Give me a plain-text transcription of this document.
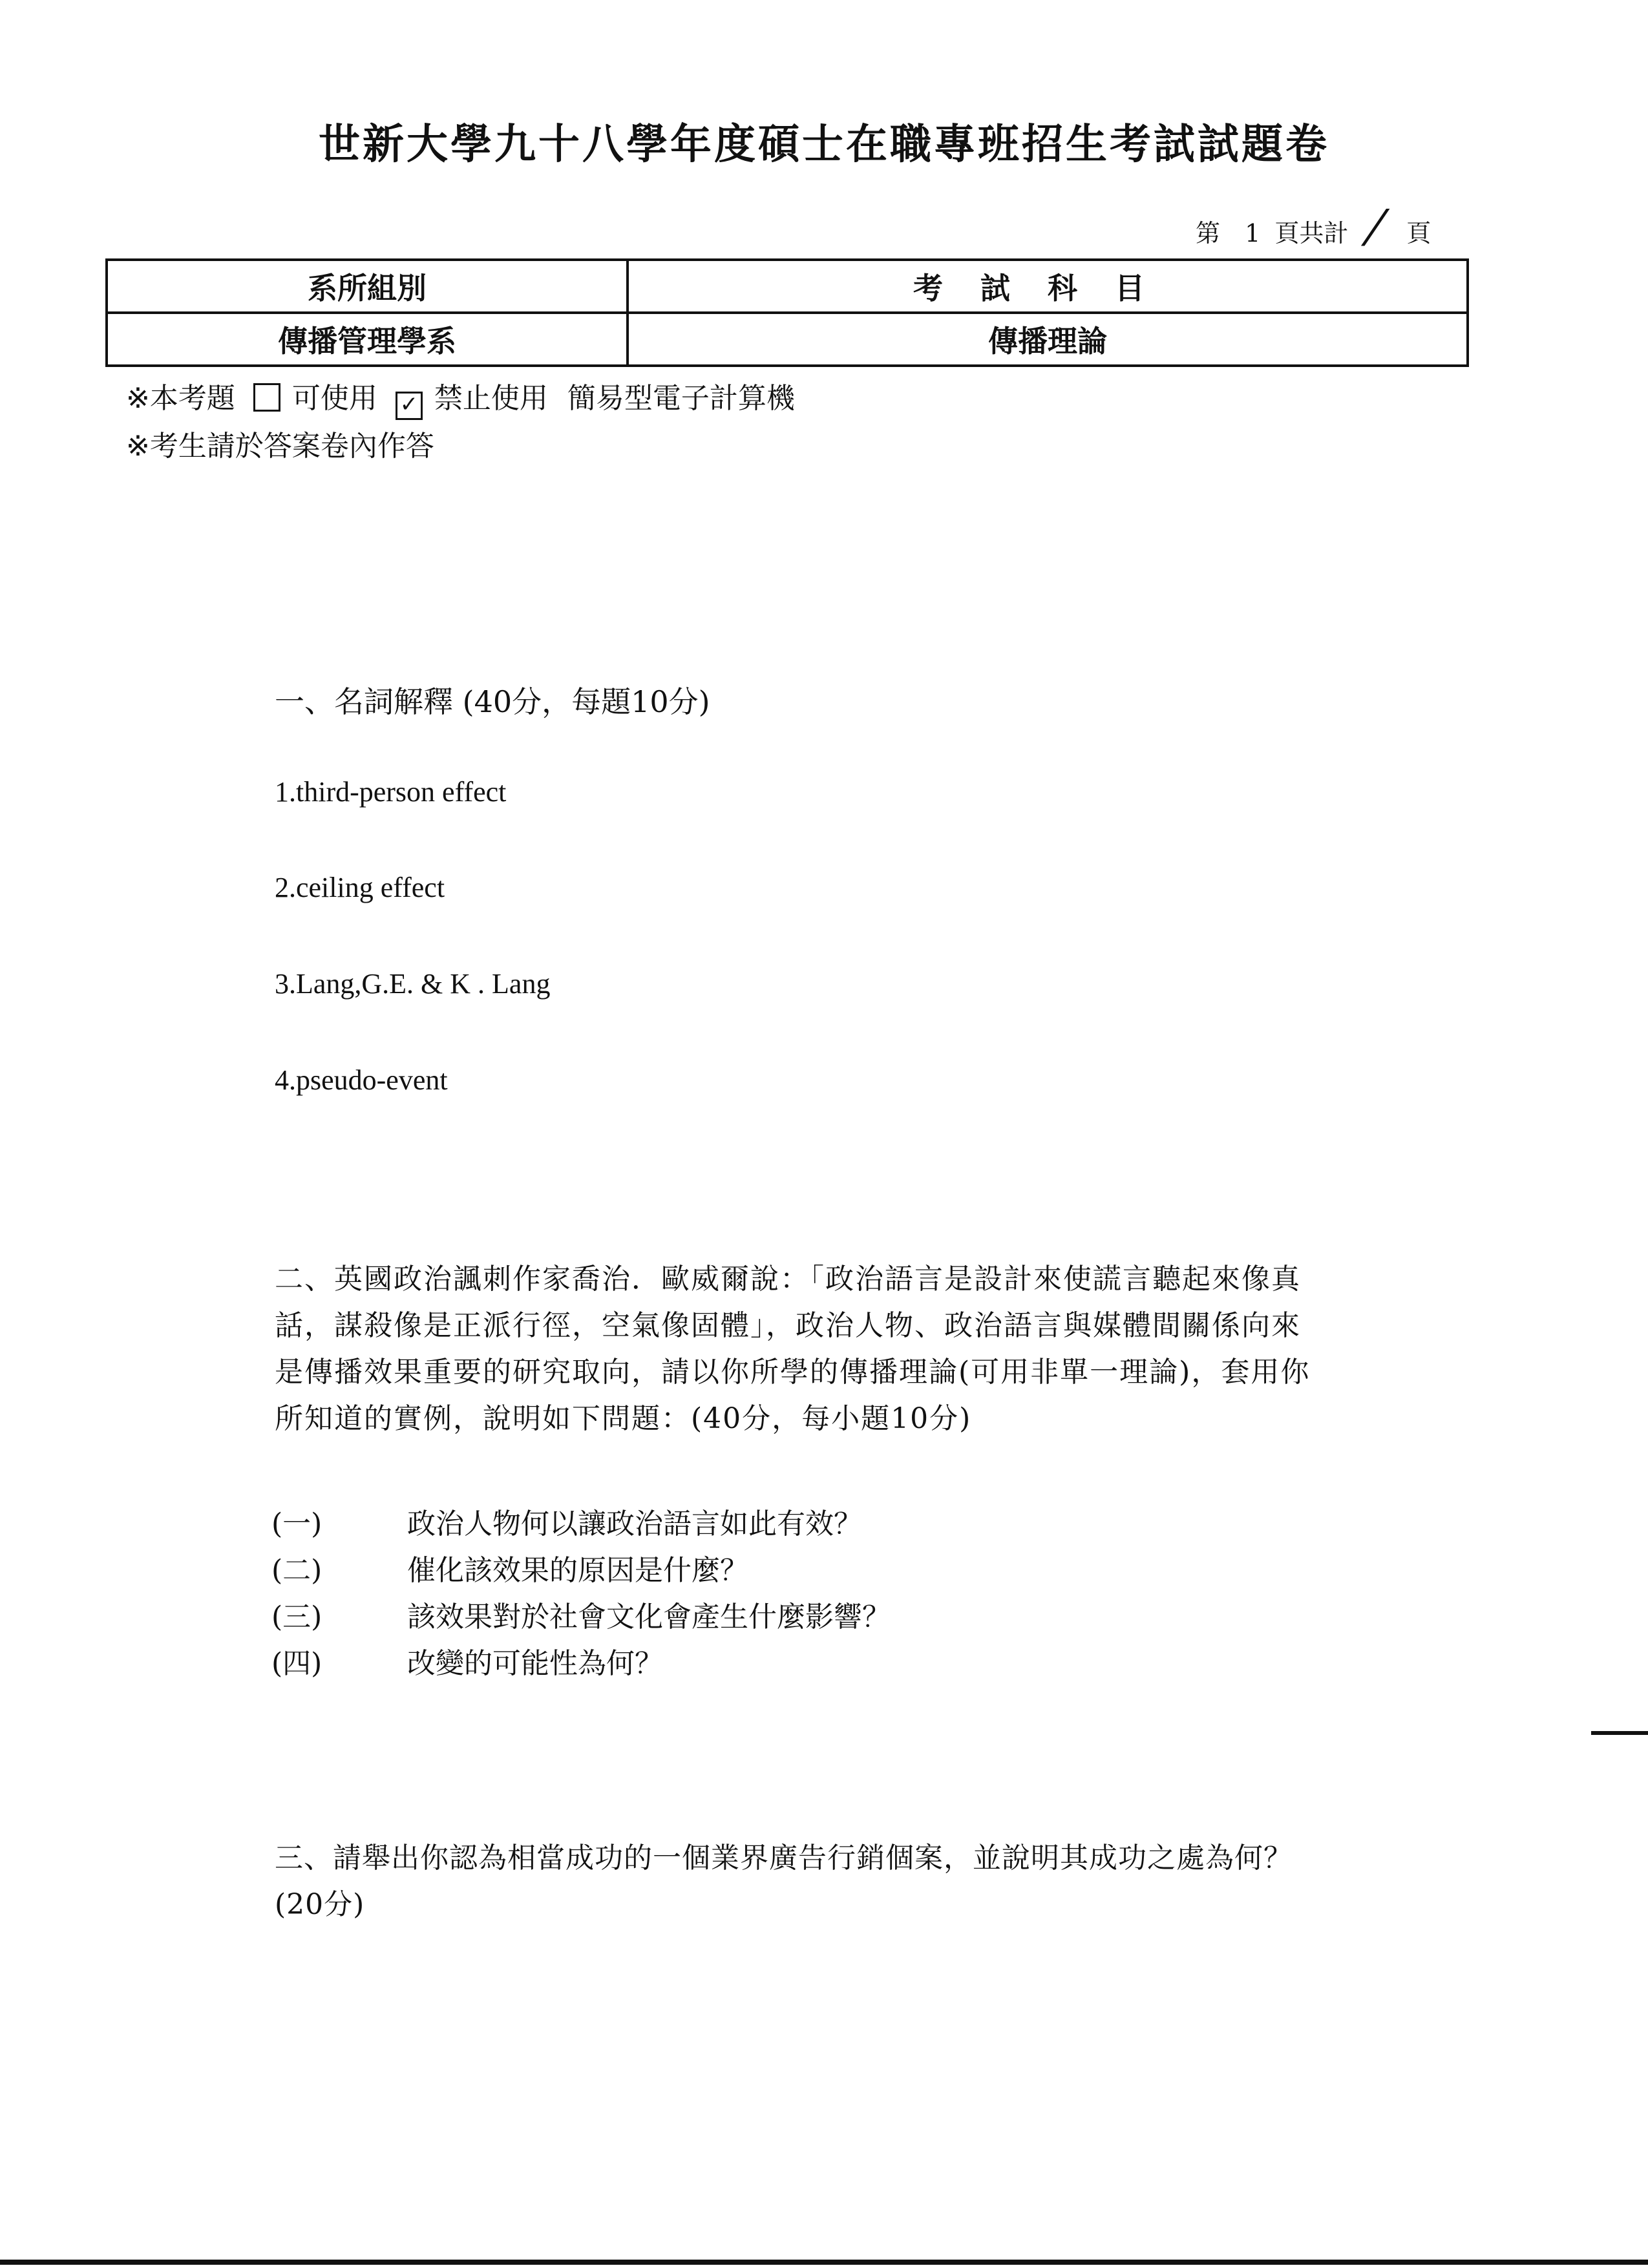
世新大學九十八學年度碩士在職專班招生考試試題卷
第 1 頁共計 / 頁
系所組別	考試科目
傳播管理學系	傳播理論
※本考題 可使用 ✓ 禁止使用 簡易型電子計算機
※考生請於答案卷內作答
一、名詞解釋 (40分，每題10分)
1.third-person effect
2.ceiling effect
3.Lang,G.E. & K . Lang
4.pseudo-event
二、英國政治諷刺作家喬治．歐威爾說：「政治語言是設計來使謊言聽起來像真
話，謀殺像是正派行徑，空氣像固體」，政治人物、政治語言與媒體間關係向來
是傳播效果重要的研究取向，請以你所學的傳播理論(可用非單一理論)，套用你
所知道的實例，說明如下問題：(40分，每小題10分)
(一)	政治人物何以讓政治語言如此有效？
(二)	催化該效果的原因是什麼？
(三)	該效果對於社會文化會產生什麼影響？
(四)	改變的可能性為何？
三、請舉出你認為相當成功的一個業界廣告行銷個案，並說明其成功之處為何？
(20分)
